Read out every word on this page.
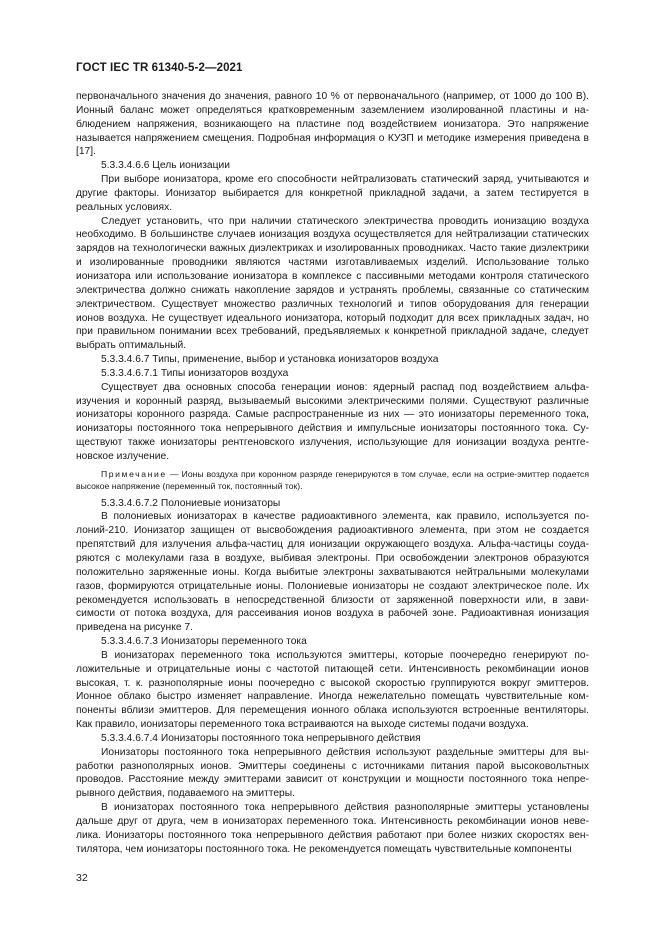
ГОСТ IEC TR 61340-5-2—2021

первоначального значения до значения, равного 10 % от первоначального (например, от 1000 до 100 В). Ионный баланс может определяться кратковременным заземлением изолированной пластины и наблюдением напряжения, возникающего на пластине под воздействием ионизатора. Это напряжение называется напряжением смещения. Подробная информация о КУЗП и методике измерения приведена в [17].

5.3.3.4.6.6 Цель ионизации

При выборе ионизатора, кроме его способности нейтрализовать статический заряд, учитываются и другие факторы. Ионизатор выбирается для конкретной прикладной задачи, а затем тестируется в реальных условиях.

Следует установить, что при наличии статического электричества проводить ионизацию воздуха необходимо. В большинстве случаев ионизация воздуха осуществляется для нейтрализации статических зарядов на технологически важных диэлектриках и изолированных проводниках. Часто такие диэлектрики и изолированные проводники являются частями изготавливаемых изделий. Использование только ионизатора или использование ионизатора в комплексе с пассивными методами контроля статического электричества должно снижать накопление зарядов и устранять проблемы, связанные со статическим электричеством. Существует множество различных технологий и типов оборудования для генерации ионов воздуха. Не существует идеального ионизатора, который подходит для всех прикладных задач, но при правильном понимании всех требований, предъявляемых к конкретной прикладной задаче, следует выбрать оптимальный.

5.3.3.4.6.7 Типы, применение, выбор и установка ионизаторов воздуха

5.3.3.4.6.7.1 Типы ионизаторов воздуха

Существует два основных способа генерации ионов: ядерный распад под воздействием альфаизучения и коронный разряд, вызываемый высокими электрическими полями. Существуют различные ионизаторы коронного разряда. Самые распространенные из них — это ионизаторы переменного тока, ионизаторы постоянного тока непрерывного действия и импульсные ионизаторы постоянного тока. Существуют также ионизаторы рентгеновского излучения, использующие для ионизации воздуха рентгеновское излучение.

Примечание — Ионы воздуха при коронном разряде генерируются в том случае, если на острие-эмиттер подается высокое напряжение (переменный ток, постоянный ток).

5.3.3.4.6.7.2 Полониевые ионизаторы

В полониевых ионизаторах в качестве радиоактивного элемента, как правило, используется полоний-210. Ионизатор защищен от высвобождения радиоактивного элемента, при этом не создается препятствий для излучения альфа-частиц для ионизации окружающего воздуха. Альфа-частицы сoударяются с молекулами газа в воздухе, выбивая электроны. При освобождении электронов образуются положительно заряженные ионы. Когда выбитые электроны захватываются нейтральными молекулами газов, формируются отрицательные ионы. Полониевые ионизаторы не создают электрическое поле. Их рекомендуется использовать в непосредственной близости от заряженной поверхности или, в зависимости от потока воздуха, для рассеивания ионов воздуха в рабочей зоне. Радиоактивная ионизация приведена на рисунке 7.

5.3.3.4.6.7.3 Ионизаторы переменного тока

В ионизаторах переменного тока используются эмиттеры, которые поочередно генерируют положительные и отрицательные ионы с частотой питающей сети. Интенсивность рекомбинации ионов высокая, т. к. разнополярные ионы поочередно с высокой скоростью группируются вокруг эмиттеров. Ионное облако быстро изменяет направление. Иногда нежелательно помещать чувствительные компоненты вблизи эмиттеров. Для перемещения ионного облака используются встроенные вентиляторы. Как правило, ионизаторы переменного тока встраиваются на выходе системы подачи воздуха.

5.3.3.4.6.7.4 Ионизаторы постоянного тока непрерывного действия

Ионизаторы постоянного тока непрерывного действия используют раздельные эмиттеры для выработки разнополярных ионов. Эмиттеры соединены с источниками питания парой высоковольтных проводов. Расстояние между эмиттерами зависит от конструкции и мощности постоянного тока непрерывного действия, подаваемого на эмиттеры.

В ионизаторах постоянного тока непрерывного действия разнополярные эмиттеры установлены дальше друг от друга, чем в ионизаторах переменного тока. Интенсивность рекомбинации ионов невелика. Ионизаторы постоянного тока непрерывного действия работают при более низких скоростях вентилятора, чем ионизаторы постоянного тока. Не рекомендуется помещать чувствительные компоненты

32
